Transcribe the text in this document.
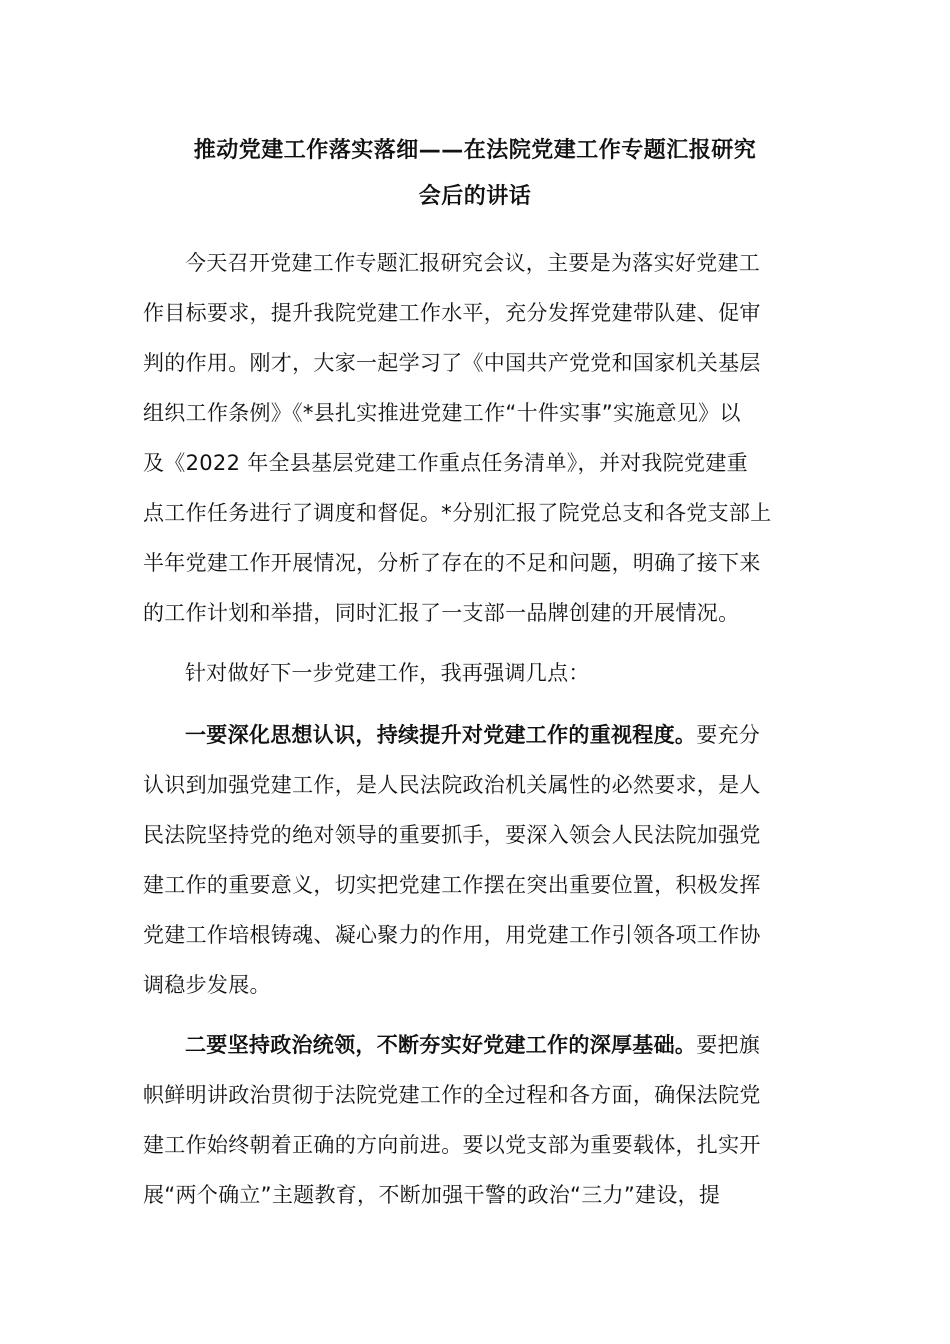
推动党建工作落实落细——在法院党建工作专题汇报研究
会后的讲话
今天召开党建工作专题汇报研究会议，主要是为落实好党建工
作目标要求，提升我院党建工作水平，充分发挥党建带队建、促审
判的作用。刚才，大家一起学习了《中国共产党党和国家机关基层
组织工作条例》《*县扎实推进党建工作“十件实事”实施意见》以
及《2022 年全县基层党建工作重点任务清单》，并对我院党建重
点工作任务进行了调度和督促。*分别汇报了院党总支和各党支部上
半年党建工作开展情况，分析了存在的不足和问题，明确了接下来
的工作计划和举措，同时汇报了一支部一品牌创建的开展情况。
针对做好下一步党建工作，我再强调几点：
一要深化思想认识，持续提升对党建工作的重视程度。要充分
认识到加强党建工作，是人民法院政治机关属性的必然要求，是人
民法院坚持党的绝对领导的重要抓手，要深入领会人民法院加强党
建工作的重要意义，切实把党建工作摆在突出重要位置，积极发挥
党建工作培根铸魂、凝心聚力的作用，用党建工作引领各项工作协
调稳步发展。
二要坚持政治统领，不断夯实好党建工作的深厚基础。要把旗
帜鲜明讲政治贯彻于法院党建工作的全过程和各方面，确保法院党
建工作始终朝着正确的方向前进。要以党支部为重要载体，扎实开
展“两个确立”主题教育，不断加强干警的政治“三力”建设，提
